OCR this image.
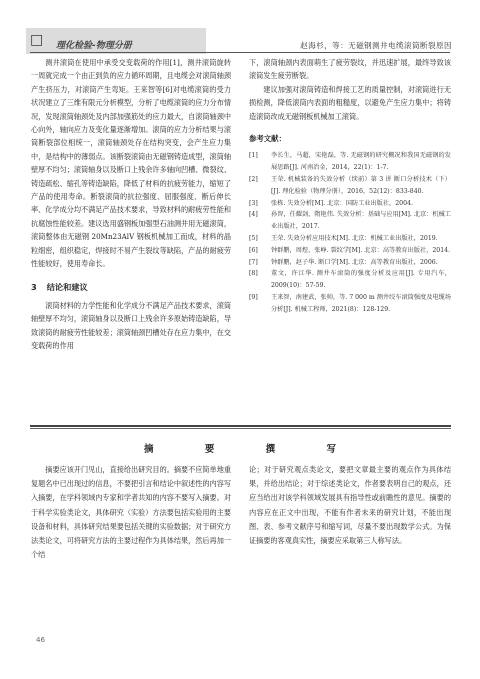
□ 理化检验-物理分册	赵海杉，等：无磁钢测井电缆滚筒断裂原因

测井滚筒在使用中承受交变载荷的作用[1]，测井滚筒旋转一周就完成一个由正到负的应力循环周期，且电缆会对滚筒轴颈产生挤压力，对滚筒产生弯矩。王来智等[6]对电缆滚筒的受力状况建立了三维有限元分析模型，分析了电缆滚筒的应力分布情况，发现滚筒轴颈处及内部加强筋处的应力最大，自滚筒轴颈中心向外，轴向应力及变化量逐渐增加。滚筒的应力分析结果与滚筒断裂部位相统一，滚筒轴颈处存在结构突变，会产生应力集中，是结构中的薄弱点。该断裂滚筒由无磁钢铸造成型，滚筒轴壁厚不均匀；滚筒轴身以及断口上残余许多轴向凹槽、微裂纹、铸造疏松、缩孔等铸造缺陷，降低了材料的抗疲劳能力，缩短了产品的使用寿命。断裂滚筒的抗拉强度、屈服强度、断后伸长率、化学成分均不满足产品技术要求，导致材料的耐疲劳性能和抗腐蚀性能较差。建议选用盛钢板加强型石油测井用无磁滚筒，滚筒整体由无磁钢 20Mn23AlV 钢板机械加工而成，材料的晶粒细密，组织稳定，焊接时不易产生裂纹等缺陷，产品的耐疲劳性能较好，使用寿命长。

3 结论和建议

滚筒材料的力学性能和化学成分不满足产品技术要求，滚筒轴壁厚不均匀，滚筒轴身以及断口上残余许多原始铸造缺陷，导致滚筒的耐疲劳性能较差；滚筒轴颈凹槽处存在应力集中，在交变载荷的作用

下，滚筒轴颈内表面萌生了疲劳裂纹，并迅速扩展，最终导致该滚筒发生疲劳断裂。

建议加强对滚筒铸造和焊接工艺的质量控制，对滚筒进行无损检测，降低滚筒内表面的粗糙度，以避免产生应力集中；将铸造滚筒改成无磁钢板机械加工滚筒。

参考文献：
[1]	李长生，马超，宋艳磊，等. 无磁钢的研究概况和我国无磁钢的发展思路[J]. 河南冶金，2014，22(1)：1-7.
[2]	王荣. 机械装备的失效分析（续前）第 3 讲 断口分析技术（下）[J]. 理化检验（物理分册），2016，52(12)：833-840.
[3]	张栋. 失效分析[M]. 北京：国防工业出版社，2004.
[4]	孙智，任耀剑，隋艳伟. 失效分析：基础与应用[M]. 北京：机械工业出版社，2017.
[5]	王荣. 失效分析应用技术[M]. 北京：机械工业出版社，2019.
[6]	钟群鹏，周煜，张峥. 裂纹学[M]. 北京：高等教育出版社，2014.
[7]	钟群鹏，赵子华. 断口学[M]. 北京：高等教育出版社，2006.
[8]	董文，许江华. 测井车滚筒的强度分析及应用[J]. 专用汽车，2009(10)：57-59.
[9]	王来智，南建武，张帅，等. 7 000 m 测井绞车滚筒强度及电缆场分析[J]. 机械工程师，2021(8)：128-129.
摘 要 撰 写

摘要应该开门见山，直接给出研究目的。摘要不应简单地重复题名中已出现过的信息，不要把引言和结论中叙述性的内容写入摘要，在学科领域内专家和学者共知的内容不要写入摘要。对于科学实验类论文，具体研究（实验）方法要包括实验用的主要设备和材料，具体研究结果要包括关键的实验数据；对于研究方法类论文，可将研究方法的主要过程作为具体结果，然后再加一个结

论；对于研究观点类论文，要把文章最主要的观点作为具体结果，并给出结论；对于综述类论文，作者要表明自己的观点，还应当给出对该学科领域发展具有指导性或前瞻性的意见。摘要的内容应在正文中出现，不能有作者未来的研究计划，不能出现图、表、参考文献序号和缩写词，尽量不要出现数学公式。为保证摘要的客观真实性，摘要应采取第三人称写法。

46
